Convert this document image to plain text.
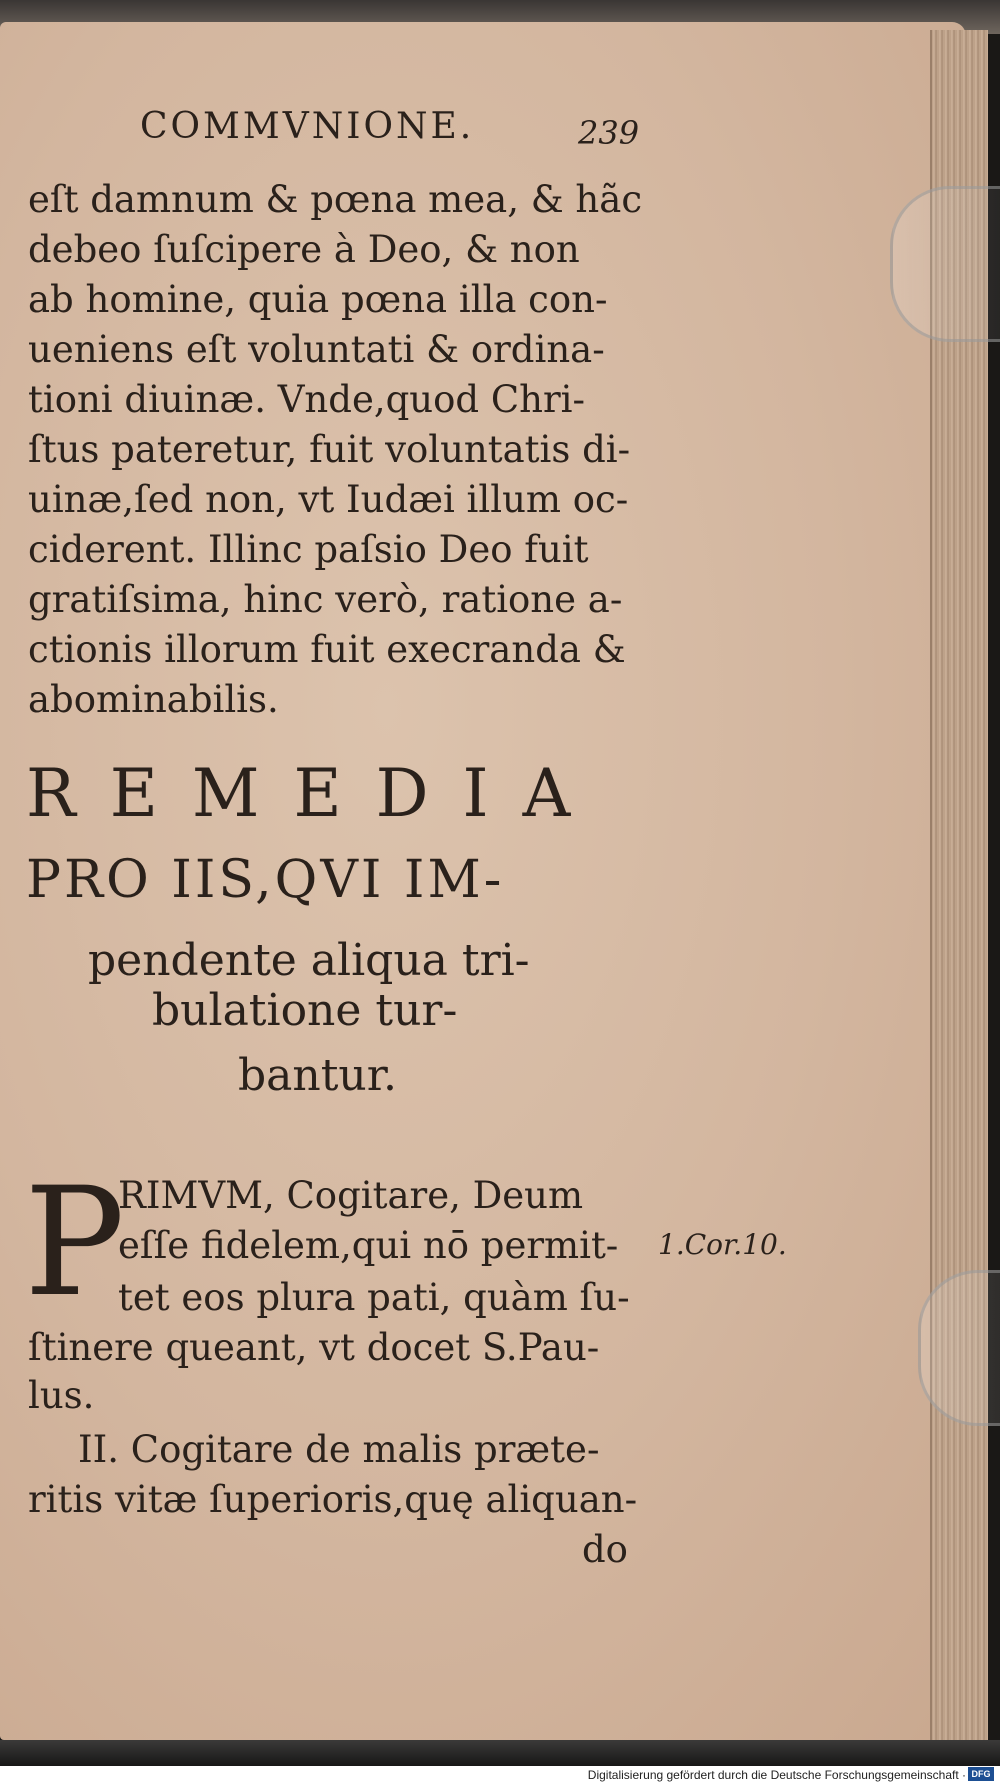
COMMVNIONE.	239
eſt damnum & pœna mea, & hãc
debeo ſuſcipere à Deo, & non
ab homine, quia pœna illa con-
ueniens eſt voluntati & ordina-
tioni diuinæ. Vnde,quod Chri-
ſtus pateretur, fuit voluntatis di-
uinæ,ſed non, vt Iudæi illum oc-
ciderent. Illinc paſsio Deo fuit
gratiſsima, hinc verò, ratione a-
ctionis illorum fuit execranda &
abominabilis.
REMEDIA
PRO IIS,QVI IM-
pendente aliqua tri-
bulatione tur-
bantur.
P
RIMVM, Cogitare, Deum
eſſe fidelem,qui nō permit-
tet eos plura pati, quàm ſu-
ſtinere queant, vt docet S.Pau-
lus.
1.Cor.10.
II. Cogitare de malis præte-
ritis vitæ ſuperioris,quę aliquan-
do
Digitalisierung gefördert durch die Deutsche Forschungsgemeinschaft · DFG
